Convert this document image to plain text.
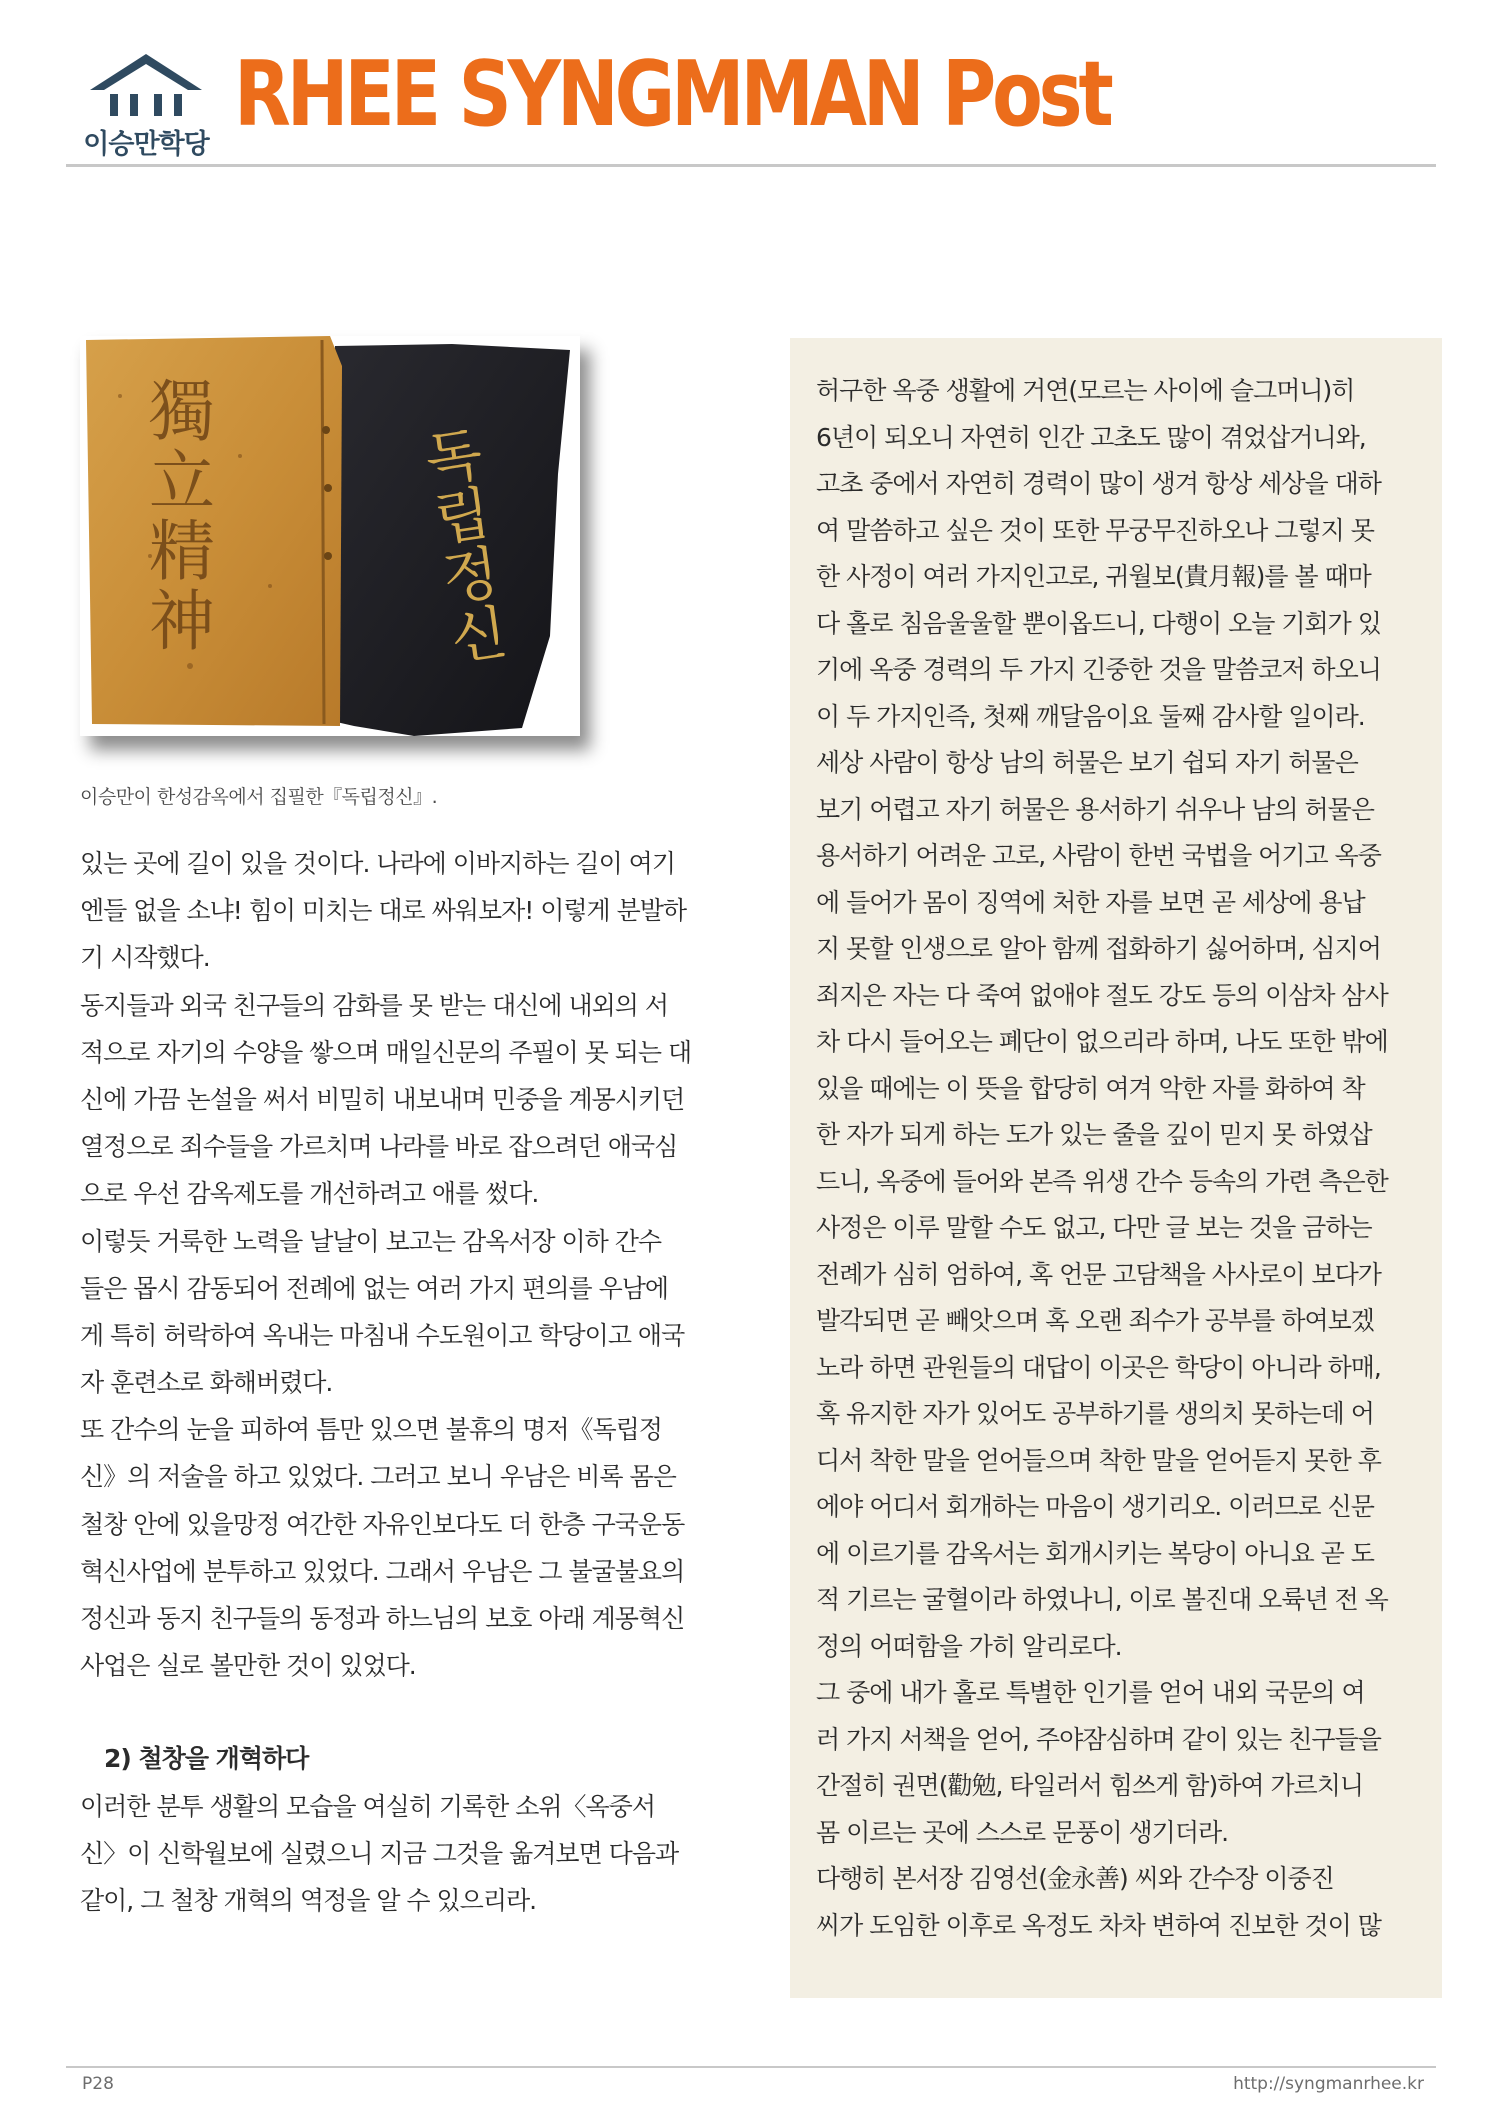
이승만학당 RHEE SYNGMMAN Post
獨立精神	독립정신
이승만이 한성감옥에서 집필한『독립정신』.
있는 곳에 길이 있을 것이다. 나라에 이바지하는 길이 여기
엔들 없을 소냐! 힘이 미치는 대로 싸워보자! 이렇게 분발하
기 시작했다.
동지들과 외국 친구들의 감화를 못 받는 대신에 내외의 서
적으로 자기의 수양을 쌓으며 매일신문의 주필이 못 되는 대
신에 가끔 논설을 써서 비밀히 내보내며 민중을 계몽시키던
열정으로 죄수들을 가르치며 나라를 바로 잡으려던 애국심
으로 우선 감옥제도를 개선하려고 애를 썼다.
이렇듯 거룩한 노력을 날날이 보고는 감옥서장 이하 간수
들은 몹시 감동되어 전례에 없는 여러 가지 편의를 우남에
게 특히 허락하여 옥내는 마침내 수도원이고 학당이고 애국
자 훈련소로 화해버렸다.
또 간수의 눈을 피하여 틈만 있으면 불휴의 명저《독립정
신》의 저술을 하고 있었다. 그러고 보니 우남은 비록 몸은
철창 안에 있을망정 여간한 자유인보다도 더 한층 구국운동
혁신사업에 분투하고 있었다. 그래서 우남은 그 불굴불요의
정신과 동지 친구들의 동정과 하느님의 보호 아래 계몽혁신
사업은 실로 볼만한 것이 있었다.
2) 철창을 개혁하다
이러한 분투 생활의 모습을 여실히 기록한 소위〈옥중서
신〉이 신학월보에 실렸으니 지금 그것을 옮겨보면 다음과
같이, 그 철창 개혁의 역정을 알 수 있으리라.
허구한 옥중 생활에 거연(모르는 사이에 슬그머니)히
6년이 되오니 자연히 인간 고초도 많이 겪었삽거니와,
고초 중에서 자연히 경력이 많이 생겨 항상 세상을 대하
여 말씀하고 싶은 것이 또한 무궁무진하오나 그렇지 못
한 사정이 여러 가지인고로, 귀월보(貴月報)를 볼 때마
다 홀로 침음울울할 뿐이옵드니, 다행이 오늘 기회가 있
기에 옥중 경력의 두 가지 긴중한 것을 말씀코저 하오니
이 두 가지인즉, 첫째 깨달음이요 둘째 감사할 일이라.
세상 사람이 항상 남의 허물은 보기 쉽되 자기 허물은
보기 어렵고 자기 허물은 용서하기 쉬우나 남의 허물은
용서하기 어려운 고로, 사람이 한번 국법을 어기고 옥중
에 들어가 몸이 징역에 처한 자를 보면 곧 세상에 용납
지 못할 인생으로 알아 함께 접화하기 싫어하며, 심지어
죄지은 자는 다 죽여 없애야 절도 강도 등의 이삼차 삼사
차 다시 들어오는 폐단이 없으리라 하며, 나도 또한 밖에
있을 때에는 이 뜻을 합당히 여겨 악한 자를 화하여 착
한 자가 되게 하는 도가 있는 줄을 깊이 믿지 못 하였삽
드니, 옥중에 들어와 본즉 위생 간수 등속의 가련 측은한
사정은 이루 말할 수도 없고, 다만 글 보는 것을 금하는
전례가 심히 엄하여, 혹 언문 고담책을 사사로이 보다가
발각되면 곧 빼앗으며 혹 오랜 죄수가 공부를 하여보겠
노라 하면 관원들의 대답이 이곳은 학당이 아니라 하매,
혹 유지한 자가 있어도 공부하기를 생의치 못하는데 어
디서 착한 말을 얻어들으며 착한 말을 얻어듣지 못한 후
에야 어디서 회개하는 마음이 생기리오. 이러므로 신문
에 이르기를 감옥서는 회개시키는 복당이 아니요 곧 도
적 기르는 굴혈이라 하였나니, 이로 볼진대 오륙년 전 옥
정의 어떠함을 가히 알리로다.
그 중에 내가 홀로 특별한 인기를 얻어 내외 국문의 여
러 가지 서책을 얻어, 주야잠심하며 같이 있는 친구들을
간절히 권면(勸勉, 타일러서 힘쓰게 함)하여 가르치니
몸 이르는 곳에 스스로 문풍이 생기더라.
다행히 본서장 김영선(金永善) 씨와 간수장 이중진
씨가 도임한 이후로 옥정도 차차 변하여 진보한 것이 많
P28	http://syngmanrhee.kr
